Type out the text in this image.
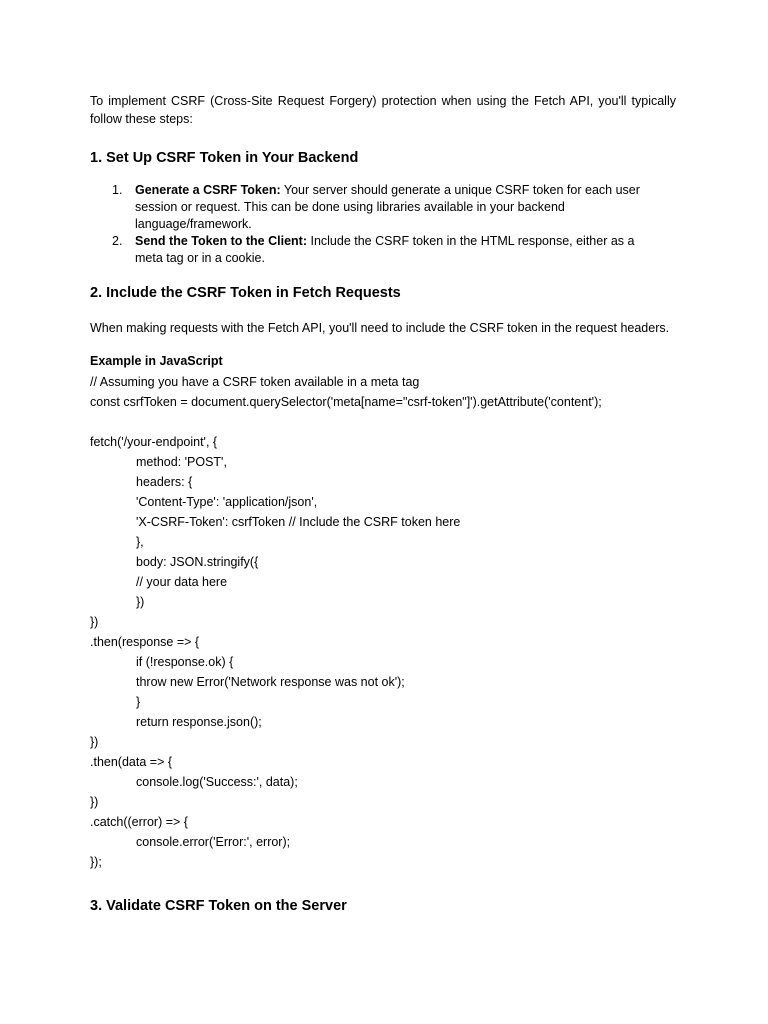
To implement CSRF (Cross-Site Request Forgery) protection when using the Fetch API, you'll typically follow these steps:

1. Set Up CSRF Token in Your Backend
1. Generate a CSRF Token: Your server should generate a unique CSRF token for each user session or request. This can be done using libraries available in your backend language/framework.
2. Send the Token to the Client: Include the CSRF token in the HTML response, either as a meta tag or in a cookie.
2. Include the CSRF Token in Fetch Requests

When making requests with the Fetch API, you'll need to include the CSRF token in the request headers.

Example in JavaScript

// Assuming you have a CSRF token available in a meta tag
const csrfToken = document.querySelector('meta[name="csrf-token"]').getAttribute('content');
fetch('/your-endpoint', {
method: 'POST',
headers: {
'Content-Type': 'application/json',
'X-CSRF-Token': csrfToken // Include the CSRF token here
},
body: JSON.stringify({
// your data here
})
})
.then(response => {
if (!response.ok) {
throw new Error('Network response was not ok');
}
return response.json();
})
.then(data => {
console.log('Success:', data);
})
.catch((error) => {
console.error('Error:', error);
});
3. Validate CSRF Token on the Server
